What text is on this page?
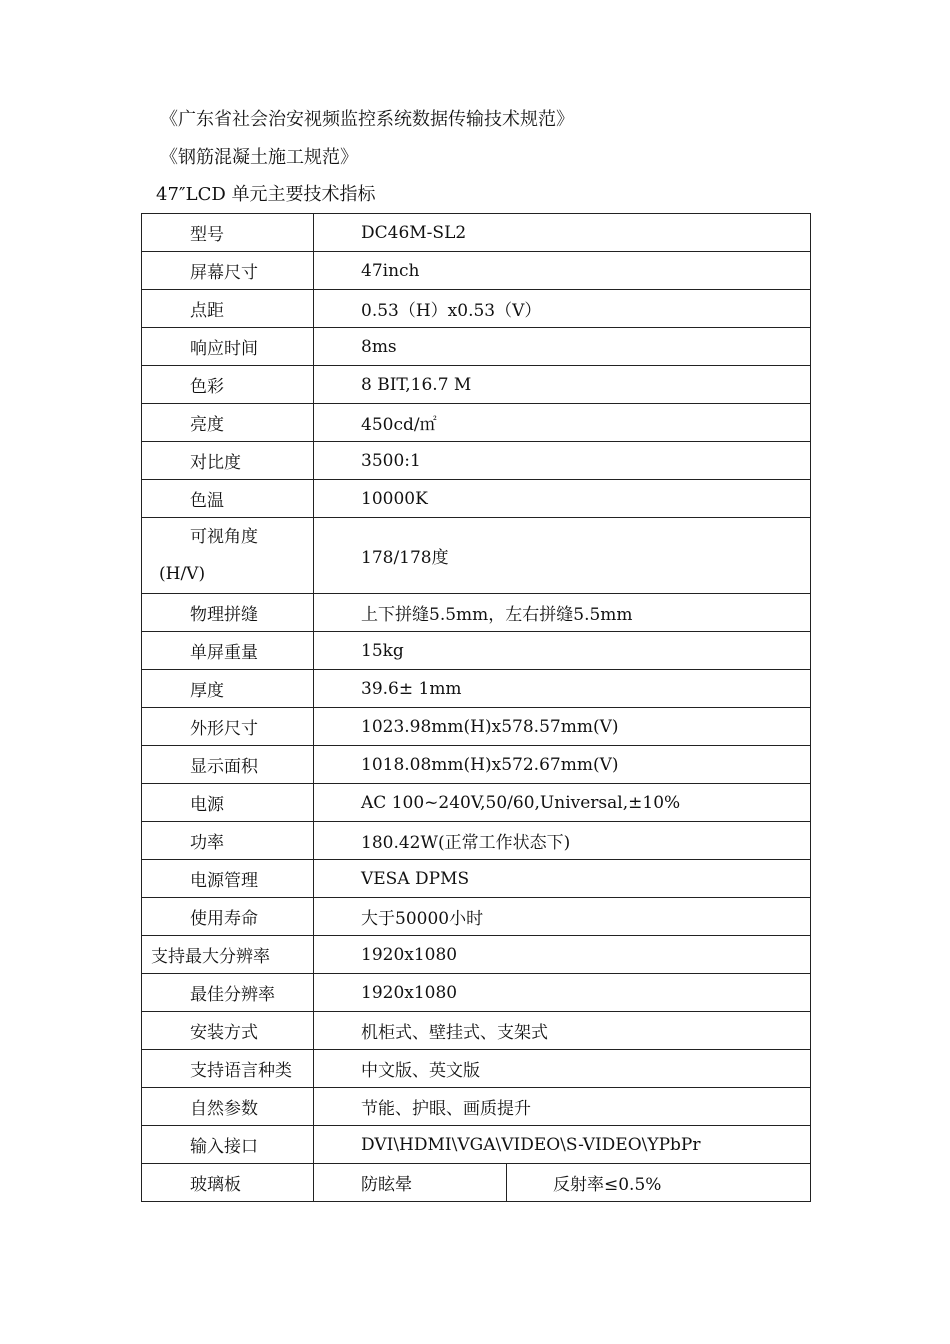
《广东省社会治安视频监控系统数据传输技术规范》
《钢筋混凝土施工规范》
47″LCD 单元主要技术指标
型号	DC46M-SL2	
屏幕尺寸	47inch	
点距	0.53（H）x0.53（V）	
响应时间	8ms	
色彩	8 BIT,16.7 M	
亮度	450cd/㎡	
对比度	3500:1	
色温	10000K	
可视角度
(H/V)	178/178度	
物理拼缝	上下拼缝5.5mm，左右拼缝5.5mm	
单屏重量	15kg	
厚度	39.6± 1mm	
外形尺寸	1023.98mm(H)x578.57mm(V)	
显示面积	1018.08mm(H)x572.67mm(V)	
电源	AC 100~240V,50/60,Universal,±10%	
功率	180.42W(正常工作状态下)	
电源管理	VESA DPMS	
使用寿命	大于50000小时	
支持最大分辨率	1920x1080	
最佳分辨率	1920x1080	
安装方式	机柜式、壁挂式、支架式	
支持语言种类	中文版、英文版	
自然参数	节能、护眼、画质提升	
输入接口	DVI\HDMI\VGA\VIDEO\S-VIDEO\YPbPr	
玻璃板	防眩晕	反射率≤0.5%
